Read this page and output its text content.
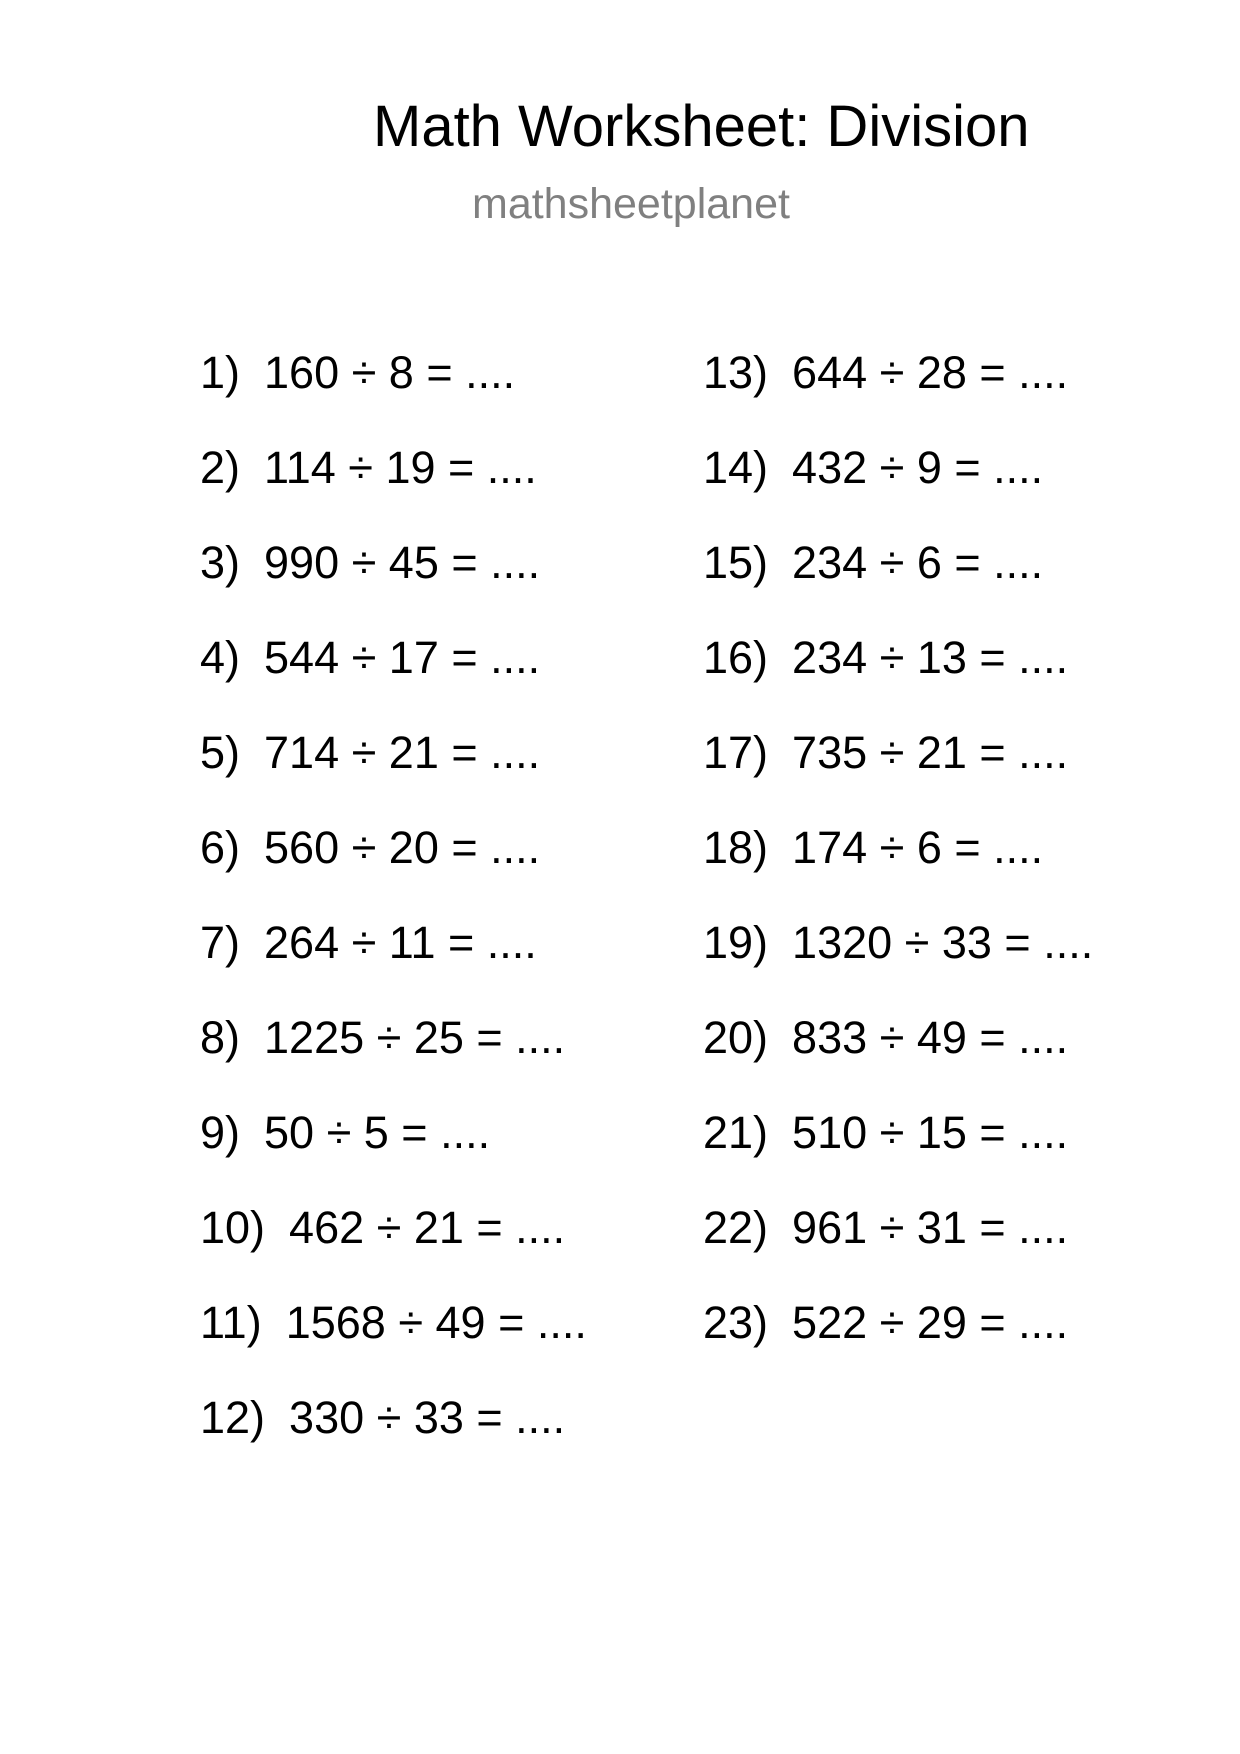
Math Worksheet: Division
mathsheetplanet
1) 160 ÷ 8 = ....
2) 114 ÷ 19 = ....
3) 990 ÷ 45 = ....
4) 544 ÷ 17 = ....
5) 714 ÷ 21 = ....
6) 560 ÷ 20 = ....
7) 264 ÷ 11 = ....
8) 1225 ÷ 25 = ....
9) 50 ÷ 5 = ....
10) 462 ÷ 21 = ....
11) 1568 ÷ 49 = ....
12) 330 ÷ 33 = ....
13) 644 ÷ 28 = ....
14) 432 ÷ 9 = ....
15) 234 ÷ 6 = ....
16) 234 ÷ 13 = ....
17) 735 ÷ 21 = ....
18) 174 ÷ 6 = ....
19) 1320 ÷ 33 = ....
20) 833 ÷ 49 = ....
21) 510 ÷ 15 = ....
22) 961 ÷ 31 = ....
23) 522 ÷ 29 = ....
